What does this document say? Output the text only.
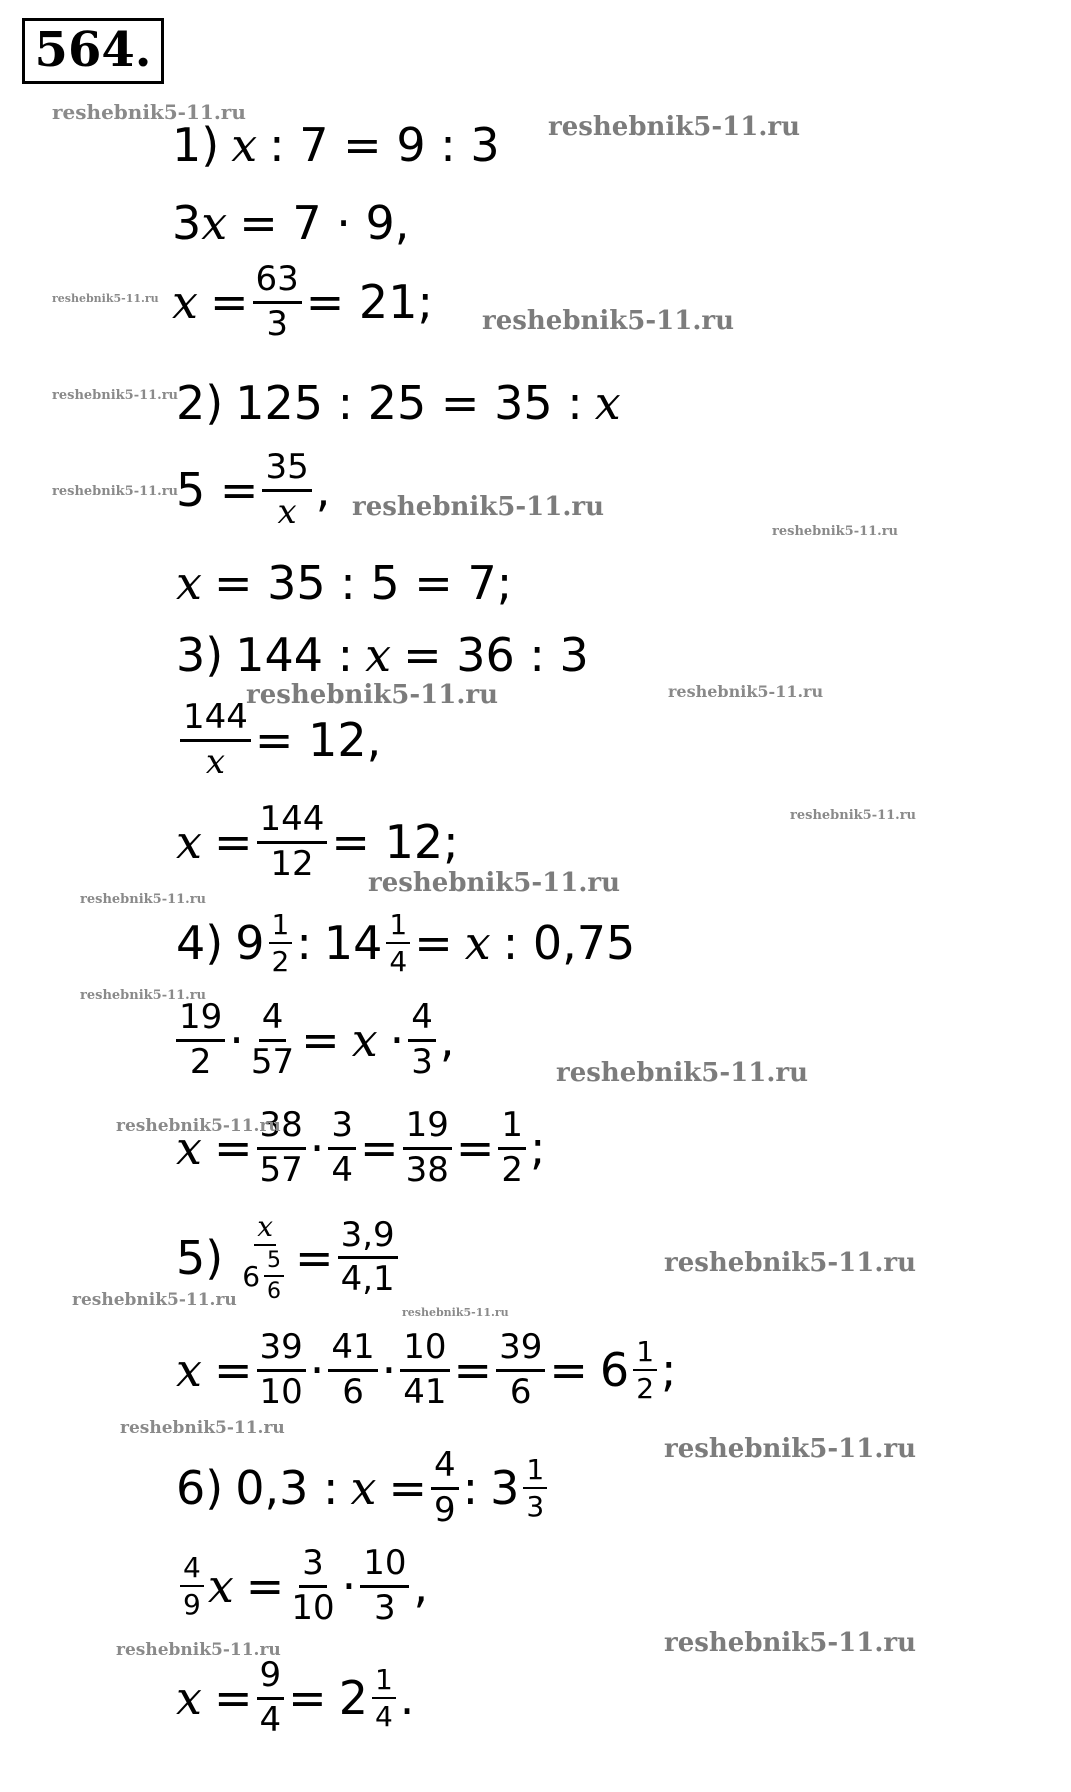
564.
1) x : 7 = 9 : 3
3 x = 7 · 9,
$x = \frac{63}{3} = 21$;
2) 125 : 25 = 35 : x
$5 = \frac{35}{x}$ ,
x = 35 : 5 = 7;
3) 144 : x = 36 : 3
$\frac{144}{x} = 12$,
$x = \frac{144}{12} = 12$;
4) $9 \frac{1}{2}$ : $14 \frac{1}{4} = x$ : 0,75
$\frac{19}{2} \cdot \frac{4}{57} = x \cdot \frac{4}{3}$ ,
$x = \frac{38}{57} \cdot \frac{3}{4} = \frac{19}{38} = \frac{1}{2}$ ;
$5) \frac{x}{6 \frac{5}{6}} = \frac{3,9}{4,1}$
$x = \frac{39}{10} \cdot \frac{41}{6} \cdot \frac{10}{41} = \frac{39}{6} = 6 \frac{1}{2}$ ;
6) 0,3 : $x = \frac{4}{9}$ : $3 \frac{1}{3}$
$\frac{4}{9}$ $x = \frac{3}{10} \cdot \frac{10}{3}$ ,
$x = \frac{9}{4} = 2 \frac{1}{4}$ .
reshebnik5-11.ru	reshebnik5-11.ru
reshebnik5-11.ru
reshebnik5-11.ru
reshebnik5-11.ru
reshebnik5-11.ru
reshebnik5-11.ru
reshebnik5-11.ru
reshebnik5-11.ru	reshebnik5-11.ru
reshebnik5-11.ru
reshebnik5-11.ru
reshebnik5-11.ru
reshebnik5-11.ru
reshebnik5-11.ru
reshebnik5-11.ru
reshebnik5-11.ru
reshebnik5-11.ru
reshebnik5-11.ru
reshebnik5-11.ru
reshebnik5-11.ru
reshebnik5-11.ru	reshebnik5-11.ru
